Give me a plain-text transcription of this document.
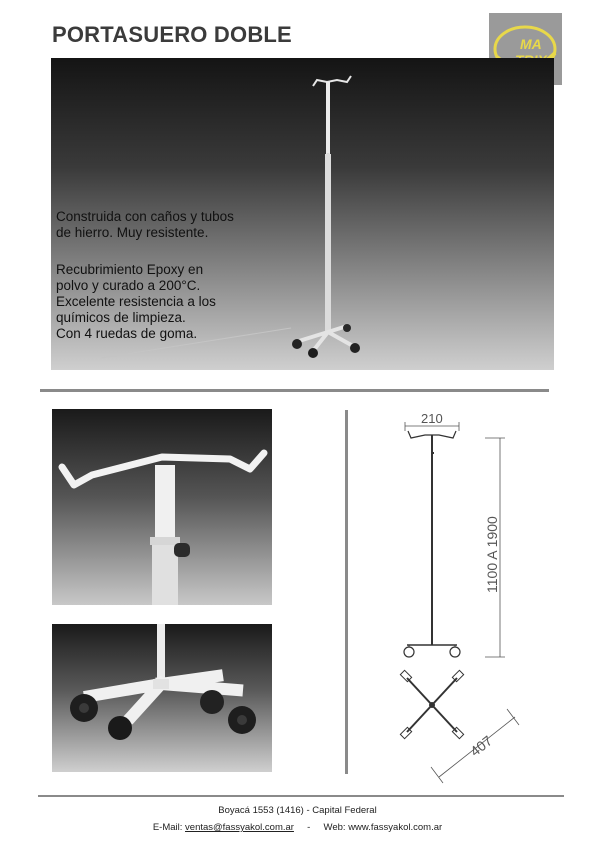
PORTASUERO DOBLE	MA
Construida con caños y tubos
de hierro. Muy resistente.
Recubrimiento Epoxy en
polvo y curado a 200°C.
Excelente resistencia a los
químicos de limpieza.
Con 4 ruedas de goma.
210
1100 A 1900
407
Boyacá 1553 (1416) - Capital Federal
E-Mail: ventas@fassyakol.com.ar - Web: www.fassyakol.com.ar
